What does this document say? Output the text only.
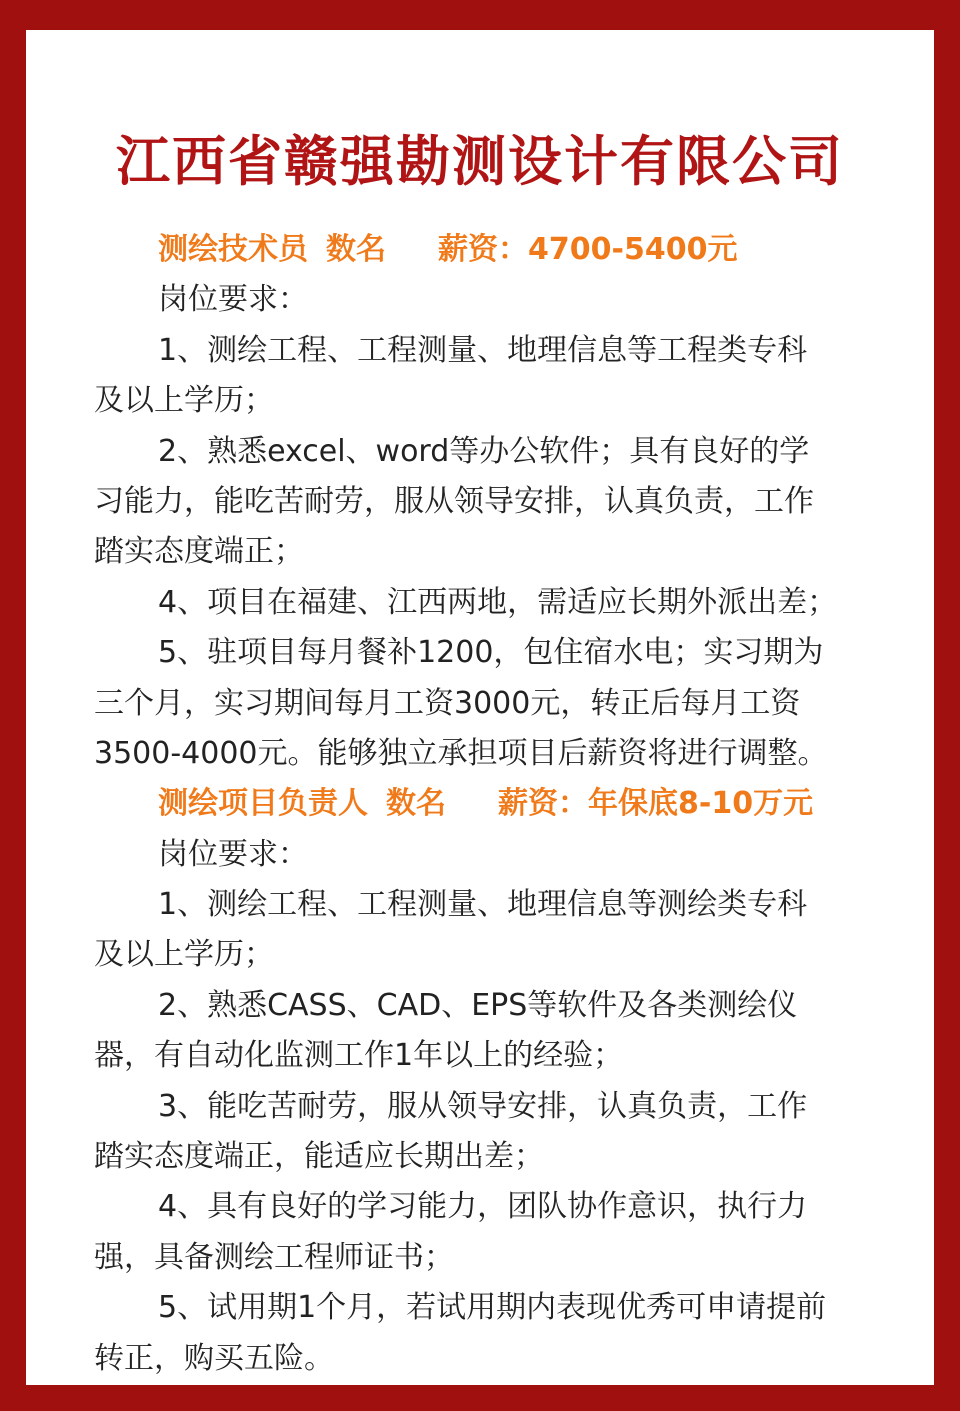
江西省赣强勘测设计有限公司
测绘技术员 数名 薪资：4700-5400元
岗位要求：
1、测绘工程、工程测量、地理信息等工程类专科
及以上学历；
2、熟悉excel、word等办公软件；具有良好的学
习能力，能吃苦耐劳，服从领导安排，认真负责，工作
踏实态度端正；
4、项目在福建、江西两地，需适应长期外派出差；
5、驻项目每月餐补1200，包住宿水电；实习期为
三个月，实习期间每月工资3000元，转正后每月工资
3500-4000元。能够独立承担项目后薪资将进行调整。
测绘项目负责人 数名 薪资：年保底8-10万元
岗位要求：
1、测绘工程、工程测量、地理信息等测绘类专科
及以上学历；
2、熟悉CASS、CAD、EPS等软件及各类测绘仪
器，有自动化监测工作1年以上的经验；
3、能吃苦耐劳，服从领导安排，认真负责，工作
踏实态度端正，能适应长期出差；
4、具有良好的学习能力，团队协作意识，执行力
强，具备测绘工程师证书；
5、试用期1个月，若试用期内表现优秀可申请提前
转正，购买五险。
